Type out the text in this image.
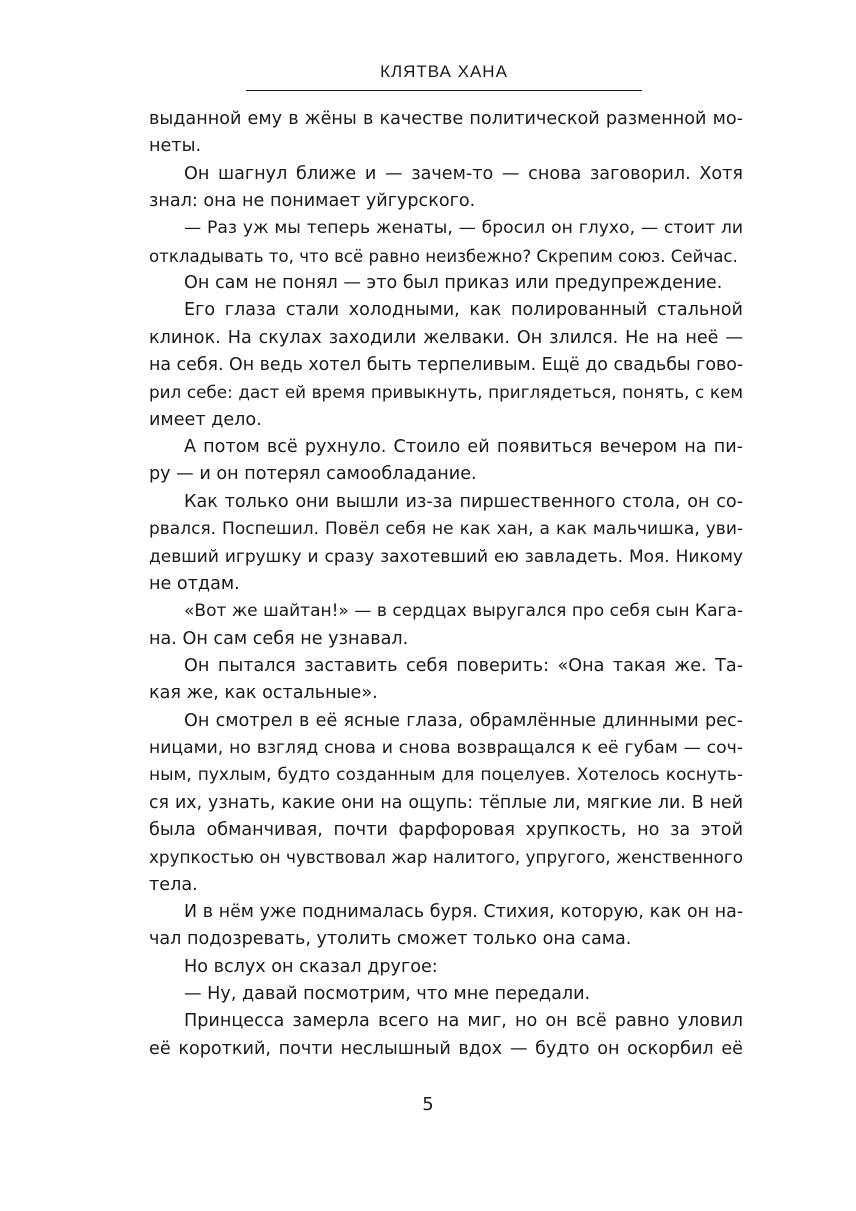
КЛЯТВА ХАНА
выданной ему в жёны в качестве политической разменной мо-
неты.
Он шагнул ближе и — зачем-то — снова заговорил. Хотя
знал: она не понимает уйгурского.
— Раз уж мы теперь женаты, — бросил он глухо, — стоит ли
откладывать то, что всё равно неизбежно? Скрепим союз. Сейчас.
Он сам не понял — это был приказ или предупреждение.
Его глаза стали холодными, как полированный стальной
клинок. На скулах заходили желваки. Он злился. Не на неё —
на себя. Он ведь хотел быть терпеливым. Ещё до свадьбы гово-
рил себе: даст ей время привыкнуть, приглядеться, понять, с кем
имеет дело.
А потом всё рухнуло. Стоило ей появиться вечером на пи-
ру — и он потерял самообладание.
Как только они вышли из-за пиршественного стола, он со-
рвался. Поспешил. Повёл себя не как хан, а как мальчишка, уви-
девший игрушку и сразу захотевший ею завладеть. Моя. Никому
не отдам.
«Вот же шайтан!» — в сердцах выругался про себя сын Кага-
на. Он сам себя не узнавал.
Он пытался заставить себя поверить: «Она такая же. Та-
кая же, как остальные».
Он смотрел в её ясные глаза, обрамлённые длинными рес-
ницами, но взгляд снова и снова возвращался к её губам — соч-
ным, пухлым, будто созданным для поцелуев. Хотелось коснуть-
ся их, узнать, какие они на ощупь: тёплые ли, мягкие ли. В ней
была обманчивая, почти фарфоровая хрупкость, но за этой
хрупкостью он чувствовал жар налитого, упругого, женственного
тела.
И в нём уже поднималась буря. Стихия, которую, как он на-
чал подозревать, утолить сможет только она сама.
Но вслух он сказал другое:
— Ну, давай посмотрим, что мне передали.
Принцесса замерла всего на миг, но он всё равно уловил
её короткий, почти неслышный вдох — будто он оскорбил её
5
